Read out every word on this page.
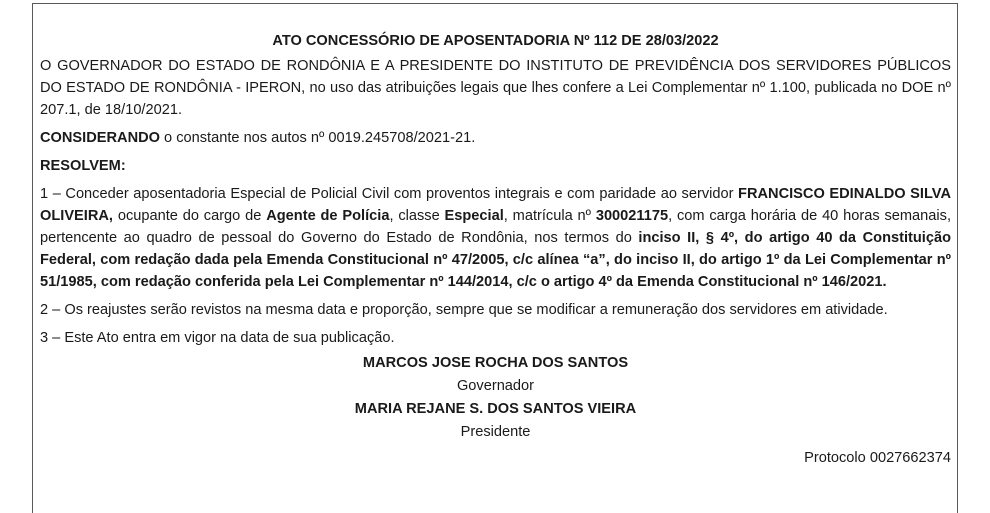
ATO CONCESSÓRIO DE APOSENTADORIA Nº 112 DE 28/03/2022

O GOVERNADOR DO ESTADO DE RONDÔNIA E A PRESIDENTE DO INSTITUTO DE PREVIDÊNCIA DOS SERVIDORES PÚBLICOS DO ESTADO DE RONDÔNIA - IPERON, no uso das atribuições legais que lhes confere a Lei Complementar nº 1.100, publicada no DOE nº 207.1, de 18/10/2021.

CONSIDERANDO o constante nos autos nº 0019.245708/2021-21.

RESOLVEM:

1 – Conceder aposentadoria Especial de Policial Civil com proventos integrais e com paridade ao servidor FRANCISCO EDINALDO SILVA OLIVEIRA, ocupante do cargo de Agente de Polícia, classe Especial, matrícula nº 300021175, com carga horária de 40 horas semanais, pertencente ao quadro de pessoal do Governo do Estado de Rondônia, nos termos do inciso II, § 4º, do artigo 40 da Constituição Federal, com redação dada pela Emenda Constitucional nº 47/2005, c/c alínea “a”, do inciso II, do artigo 1º da Lei Complementar nº 51/1985, com redação conferida pela Lei Complementar nº 144/2014, c/c o artigo 4º da Emenda Constitucional nº 146/2021.

2 – Os reajustes serão revistos na mesma data e proporção, sempre que se modificar a remuneração dos servidores em atividade.

3 – Este Ato entra em vigor na data de sua publicação.

MARCOS JOSE ROCHA DOS SANTOS
Governador
MARIA REJANE S. DOS SANTOS VIEIRA
Presidente
Protocolo 0027662374
